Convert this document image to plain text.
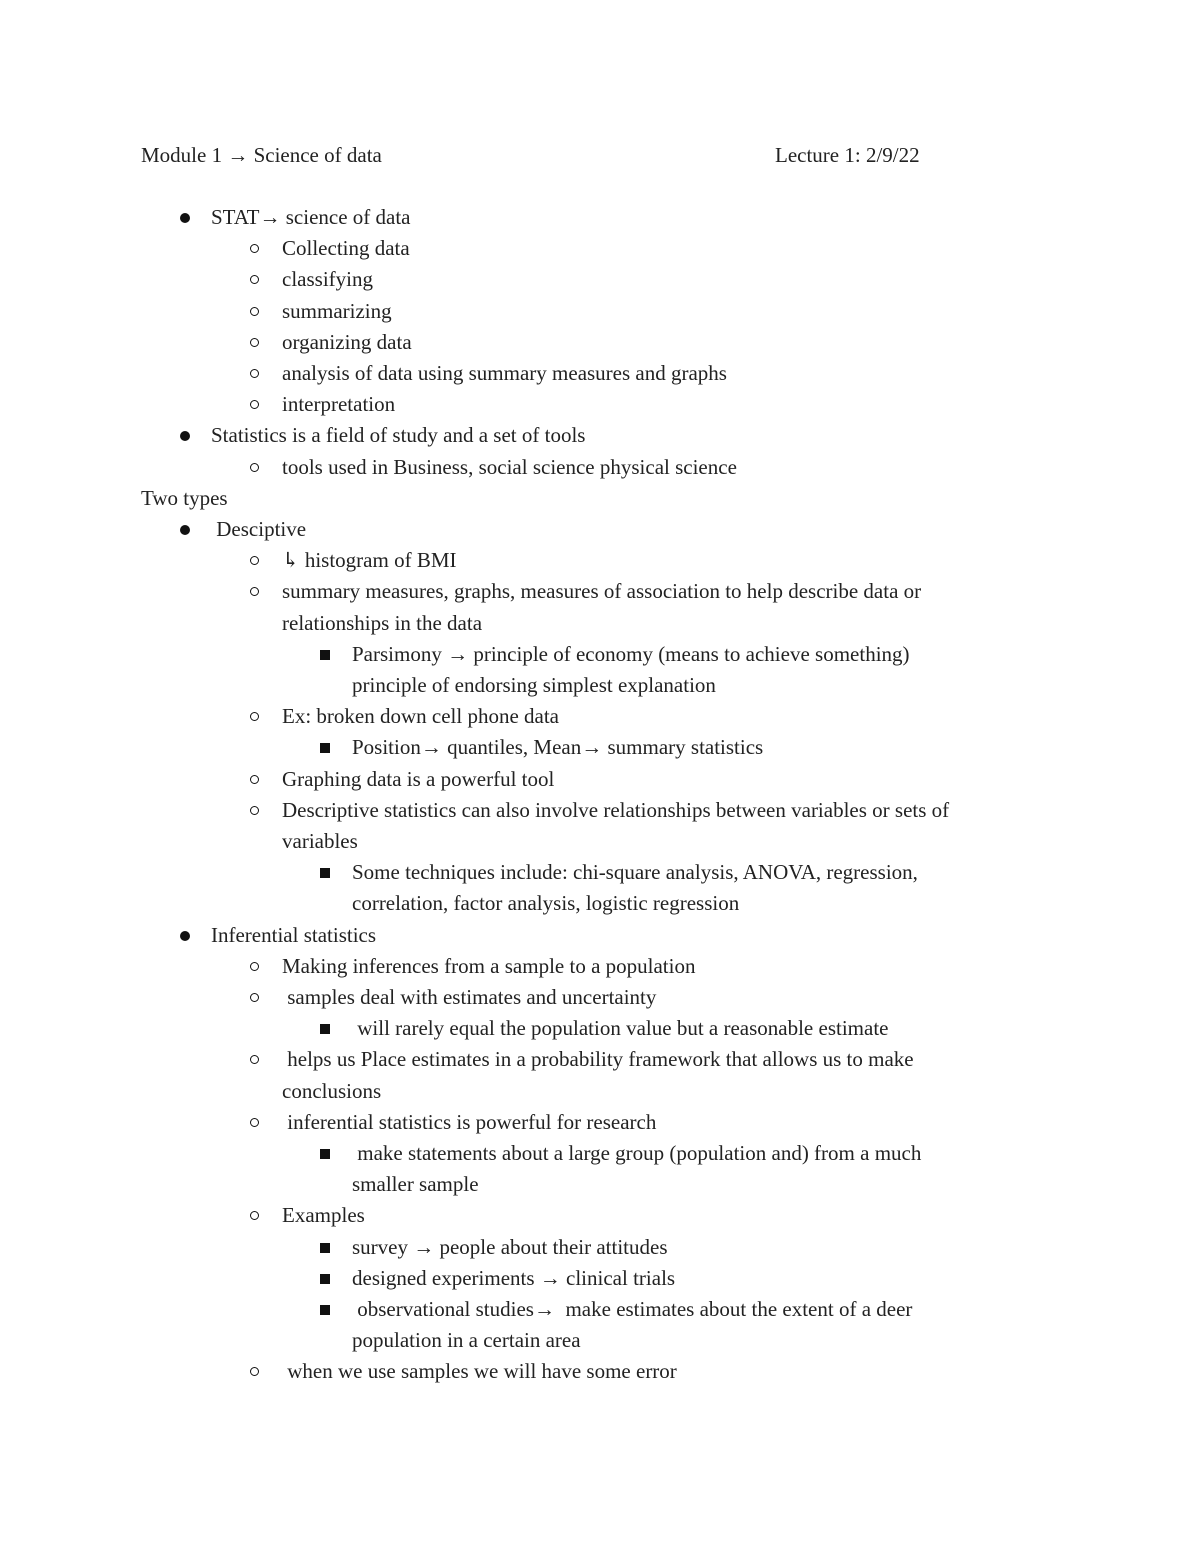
Module 1 → Science of data	Lecture 1: 2/9/22
STAT→ science of data
Collecting data
classifying
summarizing
organizing data
analysis of data using summary measures and graphs
interpretation
Statistics is a field of study and a set of tools
tools used in Business, social science physical science
Two types
Desciptive
↳ histogram of BMI
summary measures, graphs, measures of association to help describe data or
relationships in the data
Parsimony → principle of economy (means to achieve something)
principle of endorsing simplest explanation
Ex: broken down cell phone data
Position→ quantiles, Mean→ summary statistics
Graphing data is a powerful tool
Descriptive statistics can also involve relationships between variables or sets of
variables
Some techniques include: chi-square analysis, ANOVA, regression,
correlation, factor analysis, logistic regression
Inferential statistics
Making inferences from a sample to a population
samples deal with estimates and uncertainty
will rarely equal the population value but a reasonable estimate
helps us Place estimates in a probability framework that allows us to make
conclusions
inferential statistics is powerful for research
make statements about a large group (population and) from a much
smaller sample
Examples
survey → people about their attitudes
designed experiments → clinical trials
observational studies→  make estimates about the extent of a deer
population in a certain area
when we use samples we will have some error
